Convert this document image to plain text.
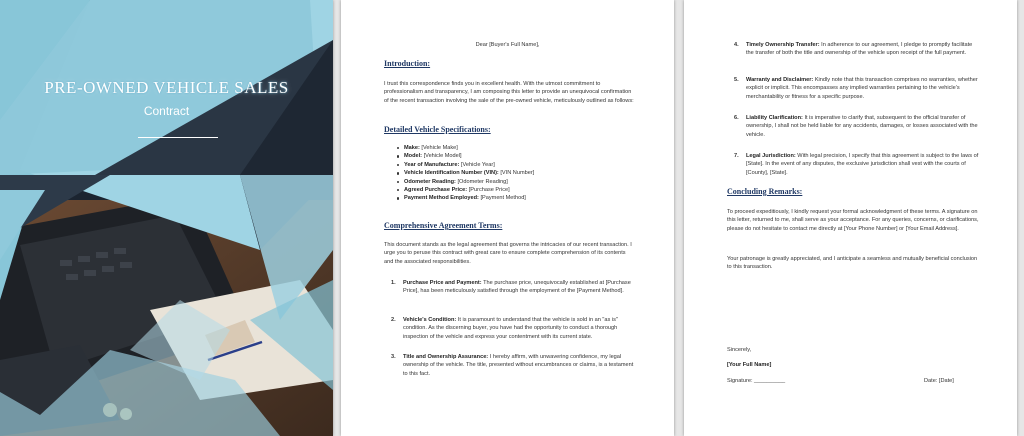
PRE-OWNED VEHICLE SALES
Contract
Dear [Buyer's Full Name],
Introduction:
I trust this correspondence finds you in excellent health. With the utmost commitment to professionalism and transparency, I am composing this letter to provide an unequivocal confirmation of the recent transaction involving the sale of the pre-owned vehicle, meticulously outlined as follows:
Detailed Vehicle Specifications:
Make: [Vehicle Make]
Model: [Vehicle Model]
Year of Manufacture: [Vehicle Year]
Vehicle Identification Number (VIN): [VIN Number]
Odometer Reading: [Odometer Reading]
Agreed Purchase Price: [Purchase Price]
Payment Method Employed: [Payment Method]
Comprehensive Agreement Terms:
This document stands as the legal agreement that governs the intricacies of our recent transaction. I urge you to peruse this contract with great care to ensure complete comprehension of its contents and the associated responsibilities.
1. Purchase Price and Payment: The purchase price, unequivocally established at [Purchase Price], has been meticulously satisfied through the employment of the [Payment Method].
2. Vehicle's Condition: It is paramount to understand that the vehicle is sold in an "as is" condition. As the discerning buyer, you have had the opportunity to conduct a thorough inspection of the vehicle and express your contentment with its current state.
3. Title and Ownership Assurance: I hereby affirm, with unwavering confidence, my legal ownership of the vehicle. The title, presented without encumbrances or claims, is a testament to this fact.
4. Timely Ownership Transfer: In adherence to our agreement, I pledge to promptly facilitate the transfer of both the title and ownership of the vehicle upon receipt of the full payment.
5. Warranty and Disclaimer: Kindly note that this transaction comprises no warranties, whether explicit or implicit. This encompasses any implied warranties pertaining to the vehicle's merchantability or fitness for a specific purpose.
6. Liability Clarification: It is imperative to clarify that, subsequent to the official transfer of ownership, I shall not be held liable for any accidents, damages, or losses associated with the vehicle.
7. Legal Jurisdiction: With legal precision, I specify that this agreement is subject to the laws of [State]. In the event of any disputes, the exclusive jurisdiction shall vest with the courts of [County], [State].
Concluding Remarks:
To proceed expeditiously, I kindly request your formal acknowledgment of these terms. A signature on this letter, returned to me, shall serve as your acceptance. For any queries, concerns, or clarifications, please do not hesitate to contact me directly at [Your Phone Number] or [Your Email Address].
Your patronage is greatly appreciated, and I anticipate a seamless and mutually beneficial conclusion to this transaction.
Sincerely,
[Your Full Name]
Signature: __________	Date: [Date]
